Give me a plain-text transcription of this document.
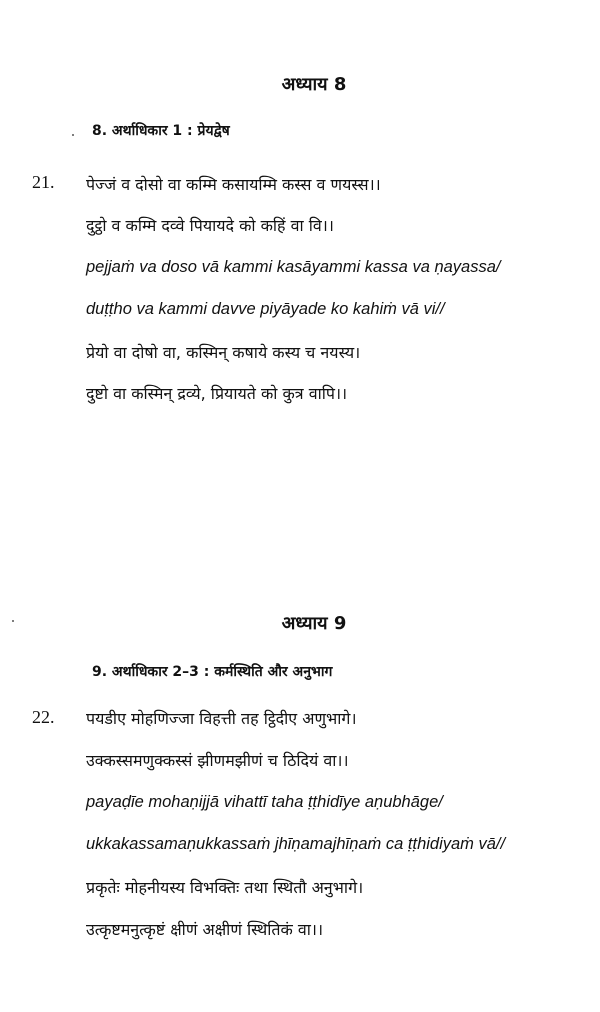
अध्याय 8
8. अर्थाधिकार 1 : प्रेयद्वेष
21. पेज्जं व दोसो वा कम्मि कसायम्मि कस्स व णयस्स।।
दुट्ठो व कम्मि दव्वे पियायदे को कहिं वा वि।।
pejjaṁ va doso vā kammi kasāyammi kassa va ṇayassa/
duṭṭho va kammi davve piyāyade ko kahiṁ vā vi//
प्रेयो वा दोषो वा, कस्मिन् कषाये कस्य च नयस्य।
दुष्टो वा कस्मिन् द्रव्ये, प्रियायते को कुत्र वापि।।
अध्याय 9
9. अर्थाधिकार 2–3 : कर्मस्थिति और अनुभाग
22. पयडीए मोहणिज्जा विहत्ती तह ट्ठिदीए अणुभागे।
उक्कस्समणुक्कस्सं झीणमझीणं च ठिदियं वा।।
payaḍīe mohaṇijjā vihattī taha ṭṭhidīye aṇubhāge/
ukkakassamaṇukkassaṁ jhīṇamajhīṇaṁ ca ṭṭhidiyaṁ vā//
प्रकृतेः मोहनीयस्य विभक्तिः तथा स्थितौ अनुभागे।
उत्कृष्टमनुत्कृष्टं क्षीणं अक्षीणं स्थितिकं वा।।
